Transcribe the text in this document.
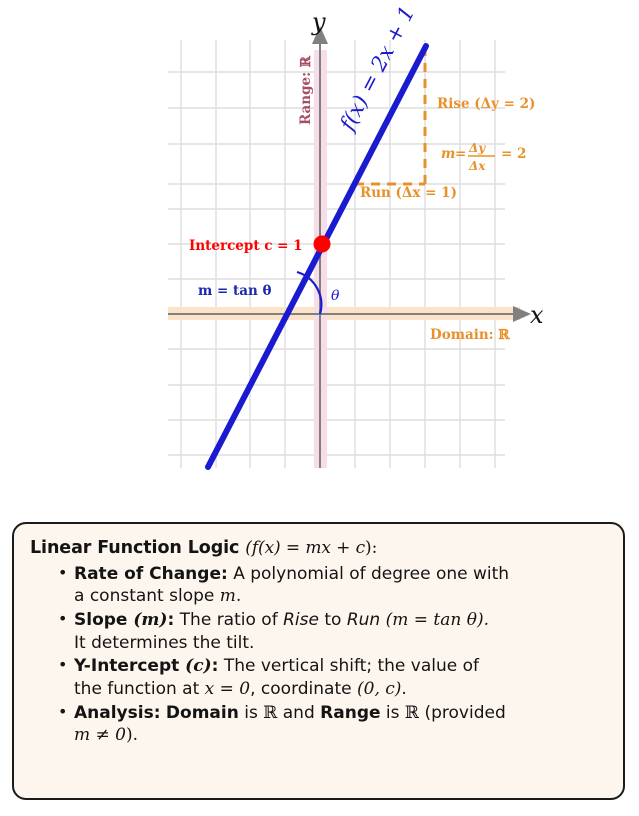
x
y
Domain: ℝ
Range: ℝ f(x) = 2x + 1
θ
m = tan θ
Intercept c = 1
Rise (Δy = 2)
Run (Δx = 1)
m = Δy
Δx
= 2
Linear Function Logic (f(x) = mx + c):
• Rate of Change: A polynomial of degree one with
a constant slope m.
• Slope (m): The ratio of Rise to Run (m = tan θ).
It determines the tilt.
• Y-Intercept (c): The vertical shift; the value of
the function at x = 0, coordinate (0, c).
• Analysis: Domain is ℝ and Range is ℝ (provided
m ≠ 0).
